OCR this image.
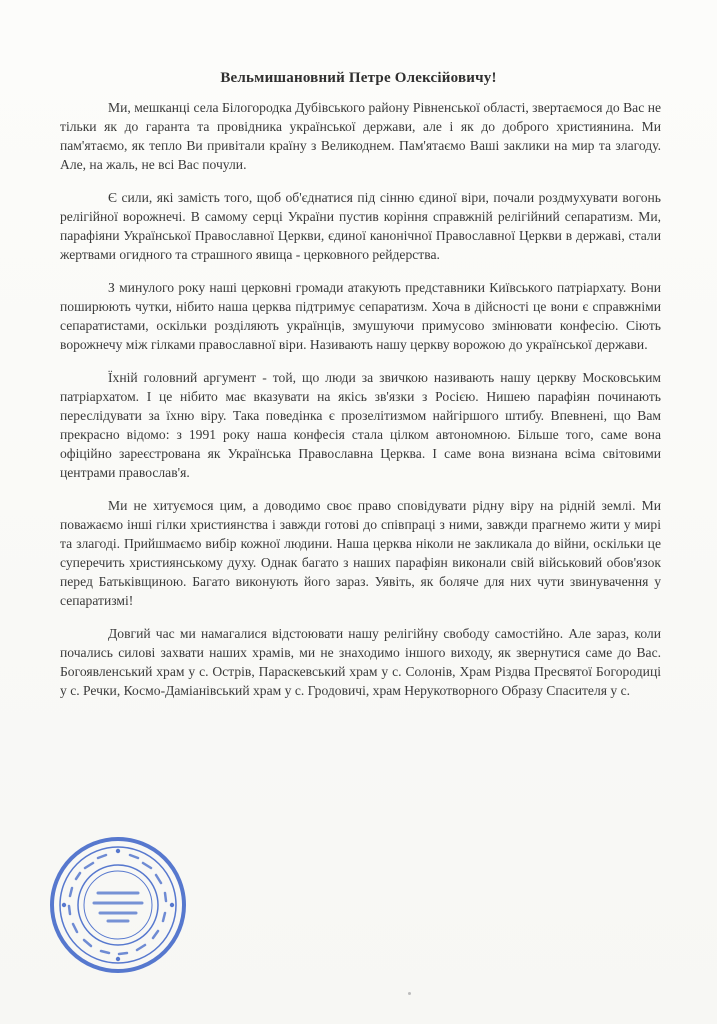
Вельмишановний Петре Олексійовичу!

Ми, мешканці села Білогородка Дубівського району Рівненської області, звертаємося до Вас не тільки як до гаранта та провідника української держави, але і як до доброго християнина. Ми пам'ятаємо, як тепло Ви привітали країну з Великоднем. Пам'ятаємо Ваші заклики на мир та злагоду. Але, на жаль, не всі Вас почули.

Є сили, які замість того, щоб об'єднатися під сінню єдиної віри, почали роздмухувати вогонь релігійної ворожнечі. В самому серці України пустив коріння справжній релігійний сепаратизм. Ми, парафіяни Української Православної Церкви, єдиної канонічної Православної Церкви в державі, стали жертвами огидного та страшного явища - церковного рейдерства.

З минулого року наші церковні громади атакують представники Київського патріархату. Вони поширюють чутки, нібито наша церква підтримує сепаратизм. Хоча в дійсності це вони є справжніми сепаратистами, оскільки розділяють українців, змушуючи примусово змінювати конфесію. Сіють ворожнечу між гілками православної віри. Називають нашу церкву ворожою до української держави.

Їхній головний аргумент - той, що люди за звичкою називають нашу церкву Московським патріархатом. І це нібито має вказувати на якісь зв'язки з Росією. Нишею парафіян починають переслідувати за їхню віру. Така поведінка є прозелітизмом найгіршого штибу. Впевнені, що Вам прекрасно відомо: з 1991 року наша конфесія стала цілком автономною. Більше того, саме вона офіційно зареєстрована як Українська Православна Церква. І саме вона визнана всіма світовими центрами православ'я.

Ми не хитуємося цим, а доводимо своє право сповідувати рідну віру на рідній землі. Ми поважаємо інші гілки християнства і завжди готові до співпраці з ними, завжди прагнемо жити у мирі та злагоді. Прийшмаємо вибір кожної людини. Наша церква ніколи не закликала до війни, оскільки це суперечить християнському духу. Однак багато з наших парафіян виконали свій військовий обов'язок перед Батьківщиною. Багато виконують його зараз. Уявіть, як боляче для них чути звинувачення у сепаратизмі!

Довгий час ми намагалися відстоювати нашу релігійну свободу самостійно. Але зараз, коли почались силові захвати наших храмів, ми не знаходимо іншого виходу, як звернутися саме до Вас. Богоявленський храм у с. Острів, Параскевський храм у с. Солонів, Храм Різдва Пресвятої Богородиці у с. Речки, Космо-Даміанівський храм у с. Гродовичі, храм Нерукотворного Образу Спасителя у с.
